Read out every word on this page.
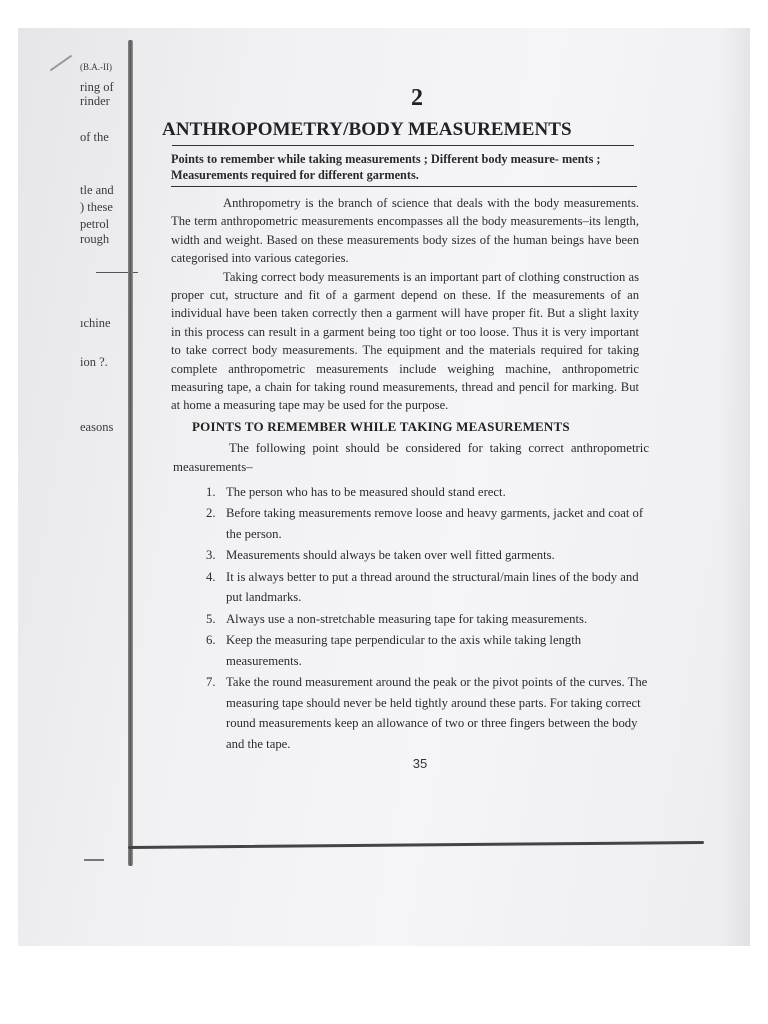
(B.A.-II)
ring of
rinder
of the
tle and
) these
petrol
rough
ıchine
ion ?.
easons
2
ANTHROPOMETRY/BODY MEASUREMENTS
Points to remember while taking measurements ; Different body measure- ments ; Measurements required for different garments.

Anthropometry is the branch of science that deals with the body measurements. The term anthropometric measurements encompasses all the body measurements–its length, width and weight. Based on these measurements body sizes of the human beings have been categorised into various categories.

Taking correct body measurements is an important part of clothing construction as proper cut, structure and fit of a garment depend on these. If the measurements of an individual have been taken correctly then a garment will have proper fit. But a slight laxity in this process can result in a garment being too tight or too loose. Thus it is very important to take correct body measurements. The equipment and the materials required for taking complete anthropometric measurements include weighing machine, anthropometric measuring tape, a chain for taking round measurements, thread and pencil for marking. But at home a measuring tape may be used for the purpose.

POINTS TO REMEMBER WHILE TAKING MEASUREMENTS

The following point should be considered for taking correct anthropometric measurements–

1. The person who has to be measured should stand erect.
2. Before taking measurements remove loose and heavy garments, jacket and coat of the person.
3. Measurements should always be taken over well fitted garments.
4. It is always better to put a thread around the structural/main lines of the body and put landmarks.
5. Always use a non-stretchable measuring tape for taking measurements.
6. Keep the measuring tape perpendicular to the axis while taking length measurements.
7. Take the round measurement around the peak or the pivot points of the curves. The measuring tape should never be held tightly around these parts. For taking correct round measurements keep an allowance of two or three fingers between the body and the tape.
35
